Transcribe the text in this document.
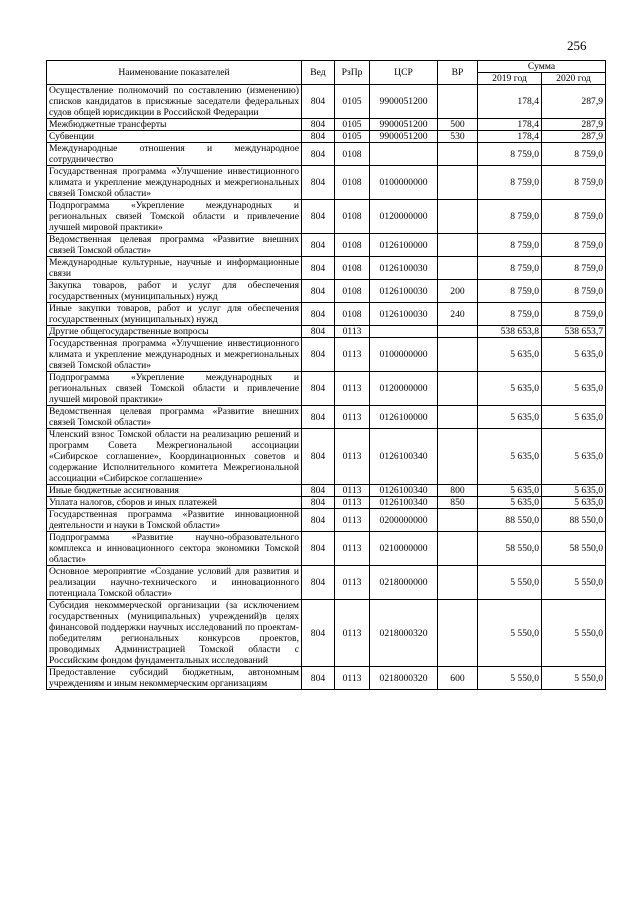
256
Наименование показателей	Вед	РзПр	ЦСР	ВР	Сумма	
					2019 год	2020 год
Осуществление полномочий по составлению (изменению) списков кандидатов в присяжные заседатели федеральных судов общей юрисдикции в Российской Федерации	804	0105	9900051200		178,4	287,9
Межбюджетные трансферты	804	0105	9900051200	500	178,4	287,9
Субвенции	804	0105	9900051200	530	178,4	287,9
Международные отношения и международное сотрудничество	804	0108			8 759,0	8 759,0
Государственная программа «Улучшение инвестиционного климата и укрепление международных и межрегиональных связей Томской области»	804	0108	0100000000		8 759,0	8 759,0
Подпрограмма «Укрепление международных и региональных связей Томской области и привлечение лучшей мировой практики»	804	0108	0120000000		8 759,0	8 759,0
Ведомственная целевая программа «Развитие внешних связей Томской области»	804	0108	0126100000		8 759,0	8 759,0
Международные культурные, научные и информационные связи	804	0108	0126100030		8 759,0	8 759,0
Закупка товаров, работ и услуг для обеспечения государственных (муниципальных) нужд	804	0108	0126100030	200	8 759,0	8 759,0
Иные закупки товаров, работ и услуг для обеспечения государственных (муниципальных) нужд	804	0108	0126100030	240	8 759,0	8 759,0
Другие общегосударственные вопросы	804	0113			538 653,8	538 653,7
Государственная программа «Улучшение инвестиционного климата и укрепление международных и межрегиональных связей Томской области»	804	0113	0100000000		5 635,0	5 635,0
Подпрограмма «Укрепление международных и региональных связей Томской области и привлечение лучшей мировой практики»	804	0113	0120000000		5 635,0	5 635,0
Ведомственная целевая программа «Развитие внешних связей Томской области»	804	0113	0126100000		5 635,0	5 635,0
Членский взнос Томской области на реализацию решений и программ Совета Межрегиональной ассоциации «Сибирское соглашение», Координационных советов и содержание Исполнительного комитета Межрегиональной ассоциации «Сибирское соглашение»	804	0113	0126100340		5 635,0	5 635,0
Иные бюджетные ассигнования	804	0113	0126100340	800	5 635,0	5 635,0
Уплата налогов, сборов и иных платежей	804	0113	0126100340	850	5 635,0	5 635,0
Государственная программа «Развитие инновационной деятельности и науки в Томской области»	804	0113	0200000000		88 550,0	88 550,0
Подпрограмма «Развитие научно-образовательного комплекса и инновационного сектора экономики Томской области»	804	0113	0210000000		58 550,0	58 550,0
Основное мероприятие «Создание условий для развития и реализации научно-технического и инновационного потенциала Томской области»	804	0113	0218000000		5 550,0	5 550,0
Субсидия некоммерческой организации (за исключением государственных (муниципальных) учреждений)в целях финансовой поддержки научных исследований по проектам-победителям региональных конкурсов проектов, проводимых Администрацией Томской области с Российским фондом фундаментальных исследований	804	0113	0218000320		5 550,0	5 550,0
Предоставление субсидий бюджетным, автономным учреждениям и иным некоммерческим организациям	804	0113	0218000320	600	5 550,0	5 550,0
